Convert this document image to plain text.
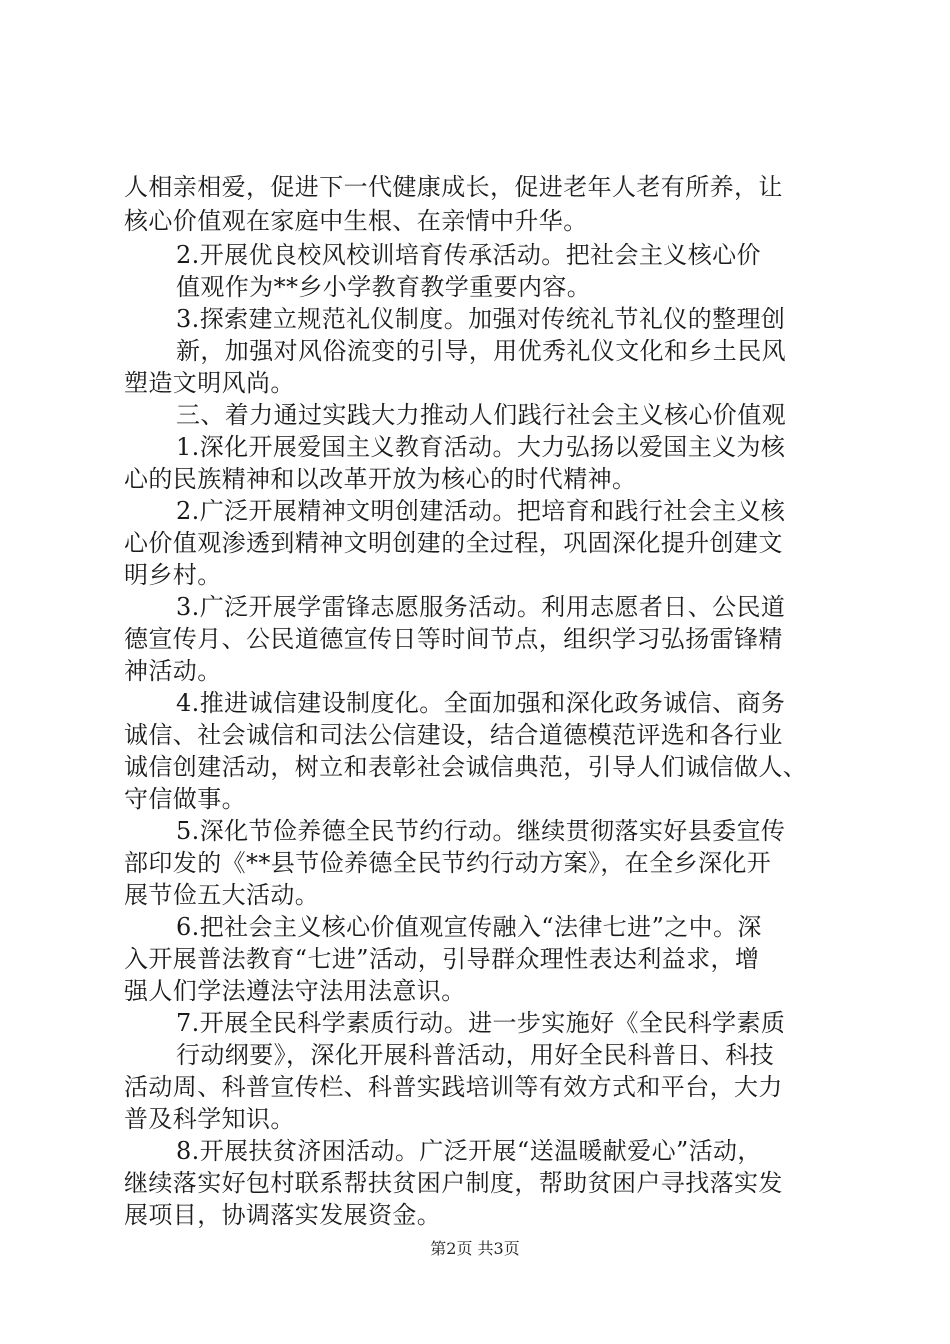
人相亲相爱，促进下一代健康成长，促进老年人老有所养，让
核心价值观在家庭中生根、在亲情中升华。
2.开展优良校风校训培育传承活动。把社会主义核心价
值观作为**乡小学教育教学重要内容。
3.探索建立规范礼仪制度。加强对传统礼节礼仪的整理创
新，加强对风俗流变的引导，用优秀礼仪文化和乡土民风
塑造文明风尚。
三、着力通过实践大力推动人们践行社会主义核心价值观
1.深化开展爱国主义教育活动。大力弘扬以爱国主义为核
心的民族精神和以改革开放为核心的时代精神。
2.广泛开展精神文明创建活动。把培育和践行社会主义核
心价值观渗透到精神文明创建的全过程，巩固深化提升创建文
明乡村。
3.广泛开展学雷锋志愿服务活动。利用志愿者日、公民道
德宣传月、公民道德宣传日等时间节点，组织学习弘扬雷锋精
神活动。
4.推进诚信建设制度化。全面加强和深化政务诚信、商务
诚信、社会诚信和司法公信建设，结合道德模范评选和各行业
诚信创建活动，树立和表彰社会诚信典范，引导人们诚信做人、
守信做事。
5.深化节俭养德全民节约行动。继续贯彻落实好县委宣传
部印发的《**县节俭养德全民节约行动方案》，在全乡深化开
展节俭五大活动。
6.把社会主义核心价值观宣传融入“法律七进”之中。深
入开展普法教育“七进”活动，引导群众理性表达利益求，增
强人们学法遵法守法用法意识。
7.开展全民科学素质行动。进一步实施好《全民科学素质
行动纲要》，深化开展科普活动，用好全民科普日、科技
活动周、科普宣传栏、科普实践培训等有效方式和平台，大力
普及科学知识。
8.开展扶贫济困活动。广泛开展“送温暖献爱心”活动，
继续落实好包村联系帮扶贫困户制度，帮助贫困户寻找落实发
展项目，协调落实发展资金。
第2页 共3页
